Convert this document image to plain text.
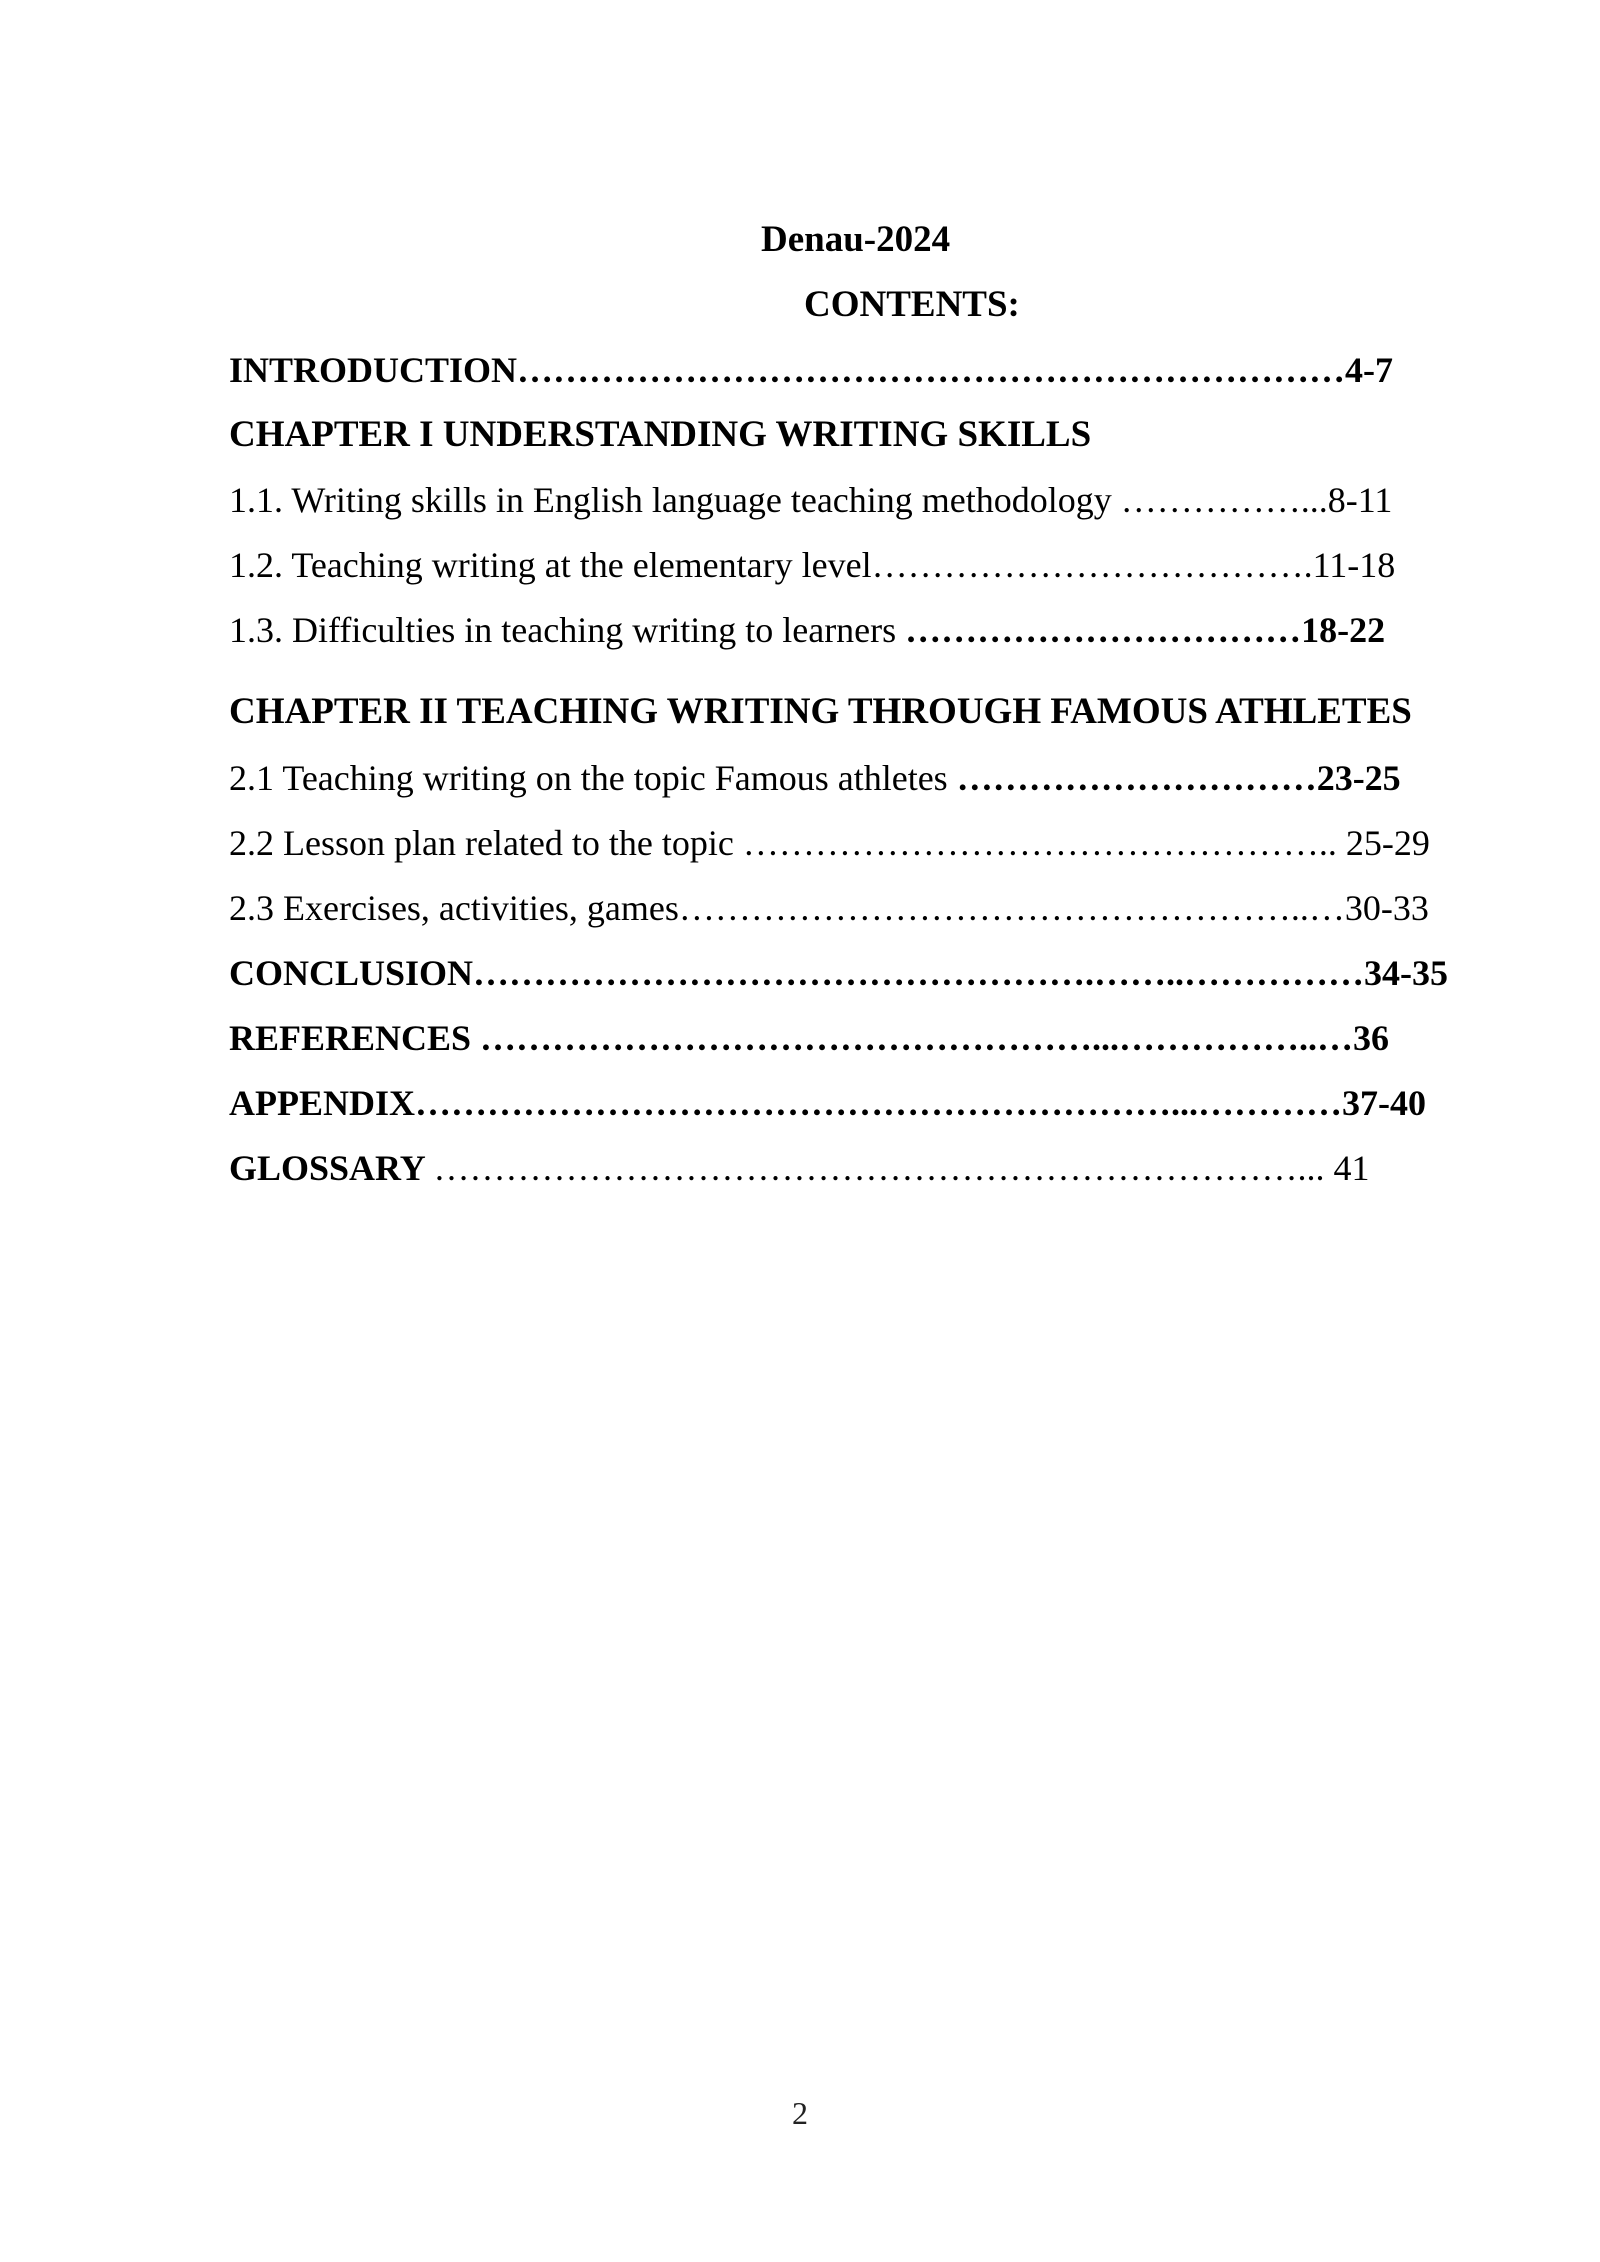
Denau-2024
CONTENTS:
INTRODUCTION……………………………………………………………4-7
CHAPTER I UNDERSTANDING WRITING SKILLS
1.1. Writing skills in English language teaching methodology ……………...8-11
1.2. Teaching writing at the elementary level……………………………….11-18
1.3. Difficulties in teaching writing to learners ……………………………18-22
CHAPTER II TEACHING WRITING THROUGH FAMOUS ATHLETES
2.1 Teaching writing on the topic Famous athletes …………………………23-25
2.2 Lesson plan related to the topic ………………………………………….. 25-29
2.3 Exercises, activities, games……………………………………………..…30-33
CONCLUSION…………………………………………….……..……………34-35
REFERENCES ……………………………………………...……………..…36
APPENDIX………………………………………………………...…………37-40
GLOSSARY ………………………………………………………………... 41
2
